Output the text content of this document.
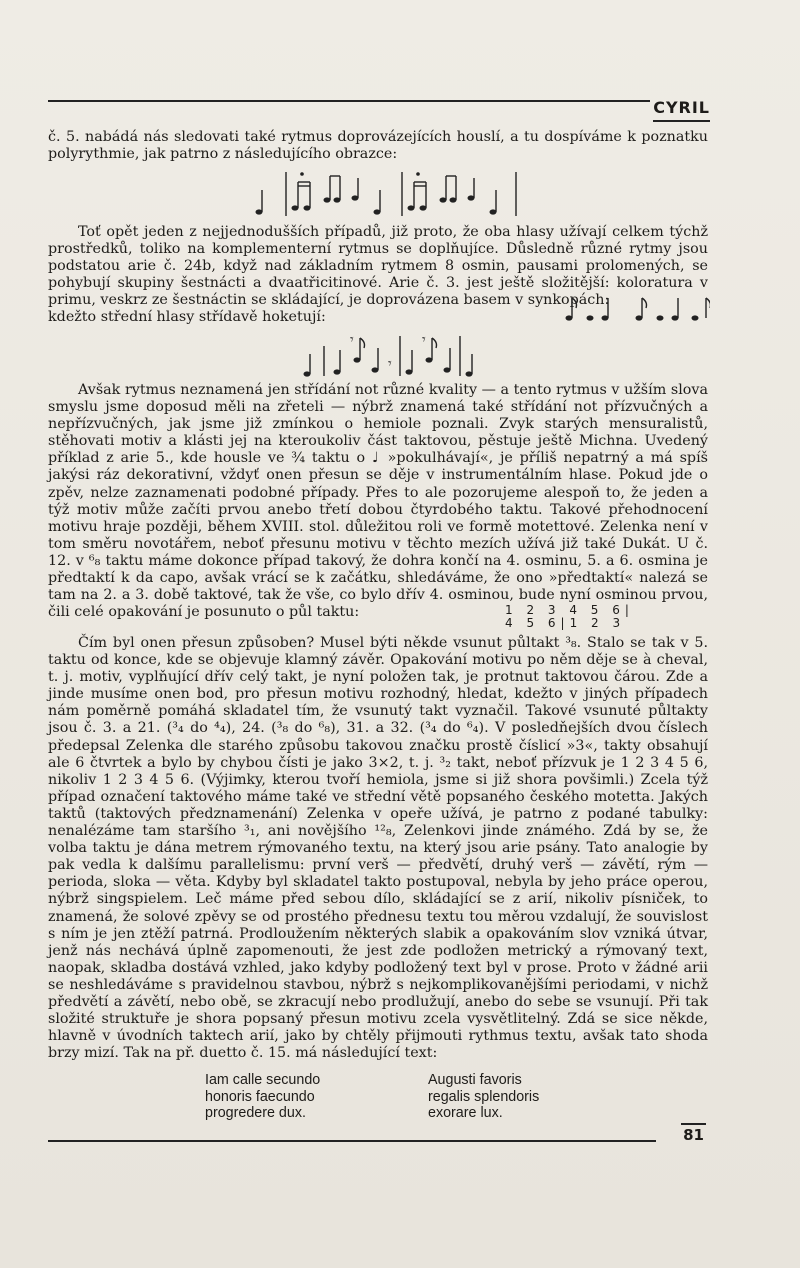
CYRIL

č. 5. nabádá nás sledovati také rytmus doprovázejících houslí, a tu dospíváme k poznatku polyrythmie, jak patrno z následujícího obrazce:

Toť opět jeden z nejjednodušších případů, již proto, že oba hlasy užívají celkem týchž prostředků, toliko na komplementerní rytmus se doplňujíce. Důsledně různé rytmy jsou podstatou arie č. 24b, když nad základním rytmem 8 osmin, pausami prolomených, se pohybují skupiny šestnácti a dvaatřicitinové. Arie č. 3. jest ještě složitější: koloratura v primu, veskrz ze šestnáctin se skládající, je doprovázena basem v synkopách:

kdežto střední hlasy střídavě hoketují:

𝄾	𝄾
𝄾

Avšak rytmus neznamená jen střídání not různé kvality — a tento rytmus v užším slova smyslu jsme doposud měli na zřeteli — nýbrž znamená také střídání not přízvučných a nepřízvučných, jak jsme již zmínkou o hemiole poznali. Zvyk starých mensuralistů, stěhovati motiv a klásti jej na kteroukoliv část taktovou, pěstuje ještě Michna. Uvedený příklad z arie 5., kde housle ve ¾ taktu o ♩ »pokulhávají«, je příliš nepatrný a má spíš jakýsi ráz dekorativní, vždyť onen přesun se děje v instrumentálním hlase. Pokud jde o zpěv, nelze zaznamenati podobné případy. Přes to ale pozorujeme alespoň to, že jeden a týž motiv může začíti prvou anebo třetí dobou čtyrdobého taktu. Takové přehodnocení motivu hraje později, během XVIII. stol. důležitou roli ve formě motettové. Zelenka není v tom směru novotářem, neboť přesunu motivu v těchto mezích užívá již také Dukát. U č. 12. v ⁶₈ taktu máme dokonce případ takový, že dohra končí na 4. osminu, 5. a 6. osmina je předtaktí k da capo, avšak vrácí se k začátku, shledáváme, že ono »předtaktí« nalezá se tam na 2. a 3. době taktové, tak že vše, co bylo dřív 4. osminou, bude nyní osminou prvou, čili celé opakování je posunuto o půl taktu:	1 2 3 4 5 6|
4 5 6|1 2 3

Čím byl onen přesun způsoben? Musel býti někde vsunut půltakt ³₈. Stalo se tak v 5. taktu od konce, kde se objevuje klamný závěr. Opakování motivu po něm děje se à cheval, t. j. motiv, vyplňující dřív celý takt, je nyní položen tak, je protnut taktovou čárou. Zde a jinde musíme onen bod, pro přesun motivu rozhodný, hledat, kdežto v jiných případech nám poměrně pomáhá skladatel tím, že vsunutý takt vyznačil. Takové vsunuté půltakty jsou č. 3. a 21. (³₄ do ⁴₄), 24. (³₈ do ⁶₈), 31. a 32. (³₄ do ⁶₄). V posledňejších dvou číslech předepsal Zelenka dle starého způsobu takovou značku prostě číslicí »3«, takty obsahují ale 6 čtvrtek a bylo by chybou čísti je jako 3×2, t. j. ³₂ takt, neboť přízvuk je 1 2 3 4 5 6, nikoliv 1 2 3 4 5 6. (Výjimky, kterou tvoří hemiola, jsme si již shora povšimli.) Zcela týž případ označení taktového máme také ve střední větě popsaného českého motetta. Jakých taktů (taktových předznamenání) Zelenka v opeře užívá, je patrno z podané tabulky: nenalézáme tam staršího ³₁, ani novějšího ¹²₈, Zelenkovi jinde známého. Zdá by se, že volba taktu je dána metrem rýmovaného textu, na který jsou arie psány. Tato analogie by pak vedla k dalšímu parallelismu: první verš — předvětí, druhý verš — závětí, rým — perioda, sloka — věta. Kdyby byl skladatel takto postupoval, nebyla by jeho práce operou, nýbrž singspielem. Leč máme před sebou dílo, skládající se z arií, nikoliv písniček, to znamená, že solové zpěvy se od prostého přednesu textu tou měrou vzdalují, že souvislost s ním je jen ztěží patrná. Prodloužením některých slabik a opakováním slov vzniká útvar, jenž nás nechává úplně zapomenouti, že jest zde podložen metrický a rýmovaný text, naopak, skladba dostává vzhled, jako kdyby podložený text byl v prose. Proto v žádné arii se neshledáváme s pravidelnou stavbou, nýbrž s nejkomplikovanějšími periodami, v nichž předvětí a závětí, nebo obě, se zkracují nebo prodlužují, anebo do sebe se vsunují. Při tak složité struktuře je shora popsaný přesun motivu zcela vysvětlitelný. Zdá se sice někde, hlavně v úvodních taktech arií, jako by chtěly přijmouti rythmus textu, avšak tato shoda brzy mizí. Tak na př. duetto č. 15. má následující text:

Iam calle secundo
honoris faecundo
progredere dux.
Augusti favoris
regalis splendoris
exorare lux.
81
